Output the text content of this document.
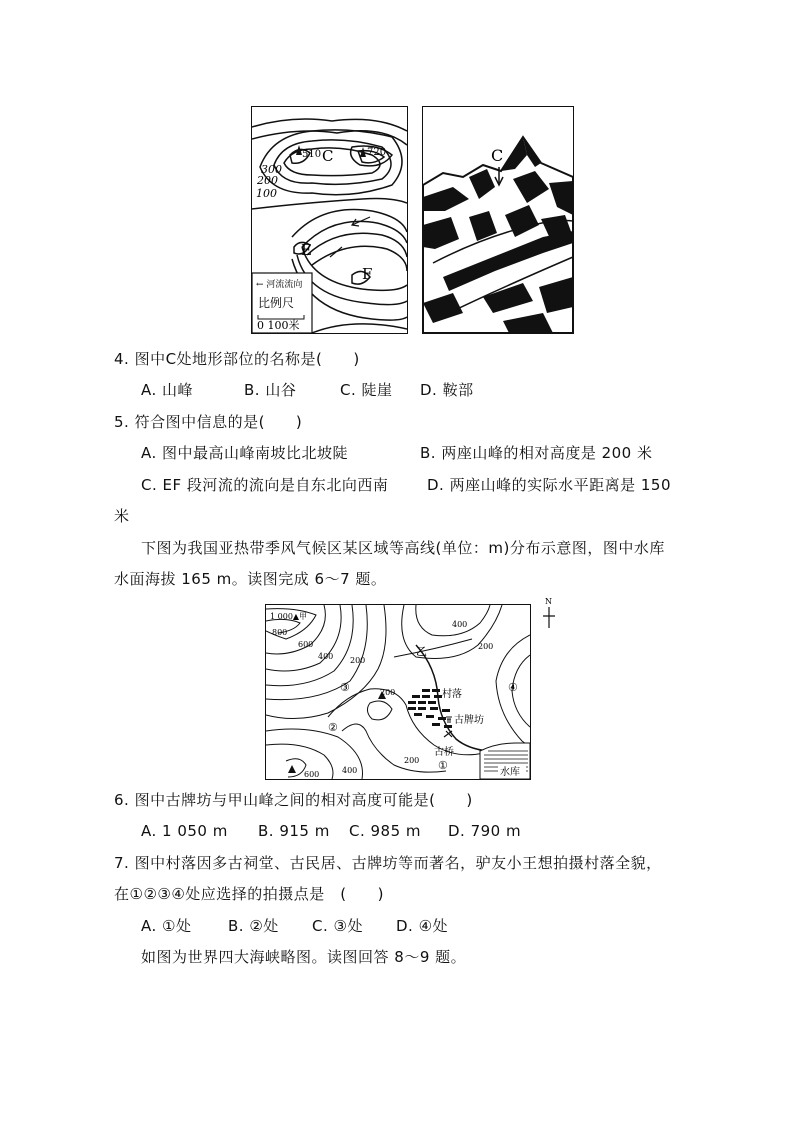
510	720
C
300
200
100
E
F
← 河流流向
比例尺
0 100米
C
4. 图中C处地形部位的名称是(　　)
A. 山峰	B. 山谷	C. 陡崖 D. 鞍部
5. 符合图中信息的是(　　)
A. 图中最高山峰南坡比北坡陡	B. 两座山峰的相对高度是 200 米
C. EF 段河流的流向是自东北向西南	D. 两座山峰的实际水平距离是 150
米
下图为我国亚热带季风气候区某区域等高线(单位：m)分布示意图，图中水库
水面海拔 165 m。读图完成 6～7 题。
N
1 000▲甲
800
600
400 200
400
200
乙
③
②
④
①
200	村落
古牌坊
古桥
200
400
600	水库
6. 图中古牌坊与甲山峰之间的相对高度可能是(　　)
A. 1 050 m B. 915 m C. 985 m D. 790 m
7. 图中村落因多古祠堂、古民居、古牌坊等而著名，驴友小王想拍摄村落全貌，
在①②③④处应选择的拍摄点是　(　　)
A. ①处 B. ②处 C. ③处 D. ④处
如图为世界四大海峡略图。读图回答 8～9 题。
